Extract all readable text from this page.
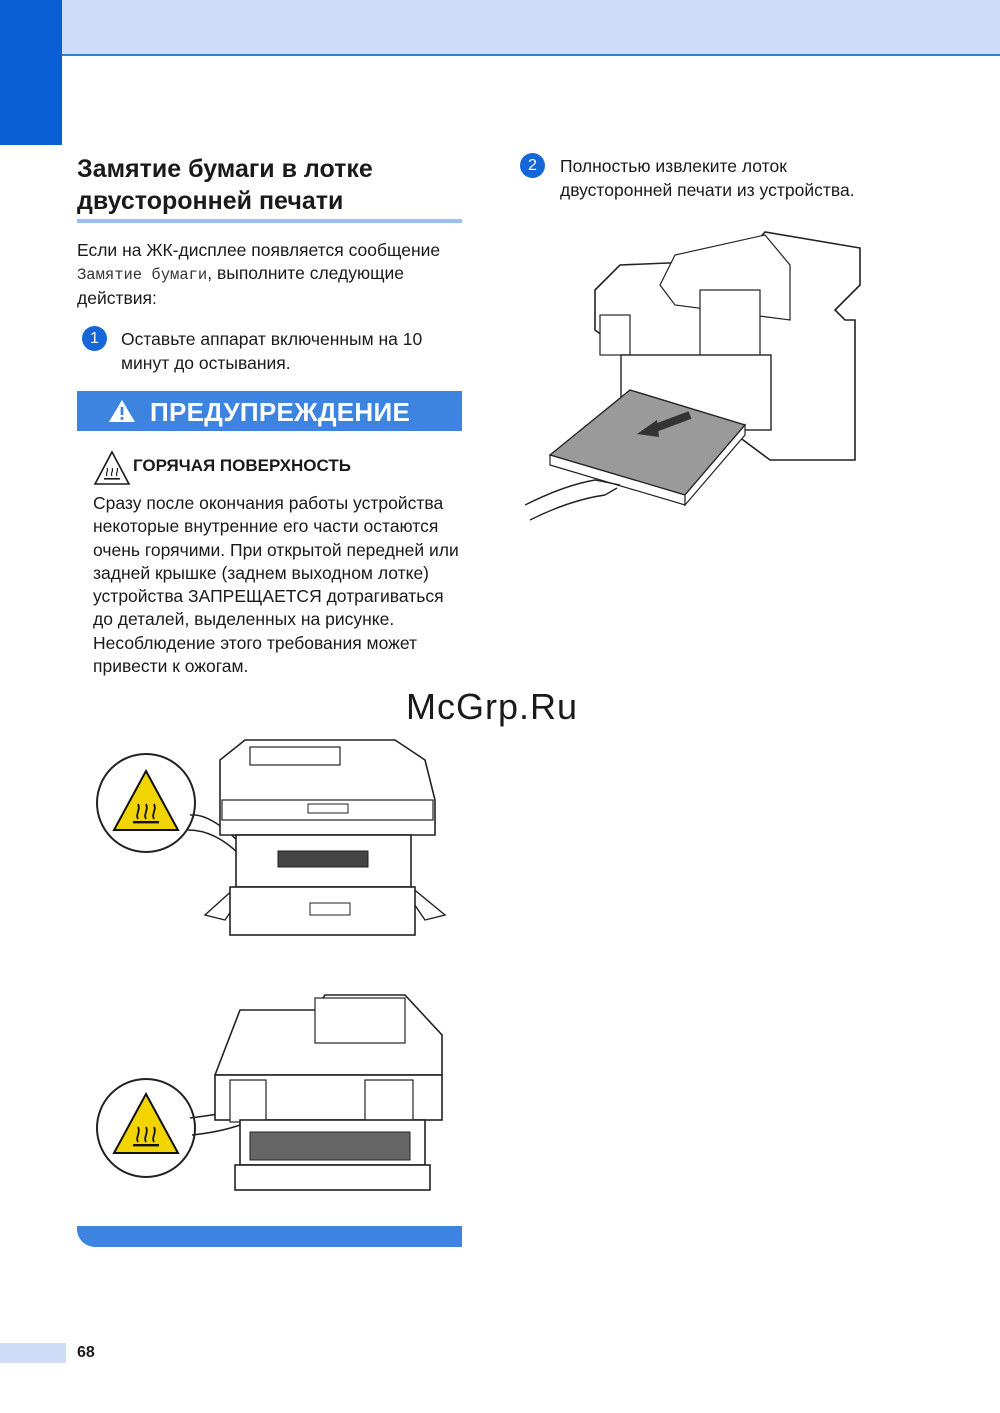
Замятие бумаги в лотке двусторонней печати

Если на ЖК-дисплее появляется сообщение Замятие бумаги, выполните следующие действия:

1	Оставьте аппарат включенным на 10 минут до остывания.

ПРЕДУПРЕЖДЕНИЕ
ГОРЯЧАЯ ПОВЕРХНОСТЬ

Сразу после окончания работы устройства некоторые внутренние его части остаются очень горячими. При открытой передней или задней крышке (заднем выходном лотке) устройства ЗАПРЕЩАЕТСЯ дотрагиваться до деталей, выделенных на рисунке. Несоблюдение этого требования может привести к ожогам.

McGrp.Ru
2	Полностью извлеките лоток двусторонней печати из устройства.

68
